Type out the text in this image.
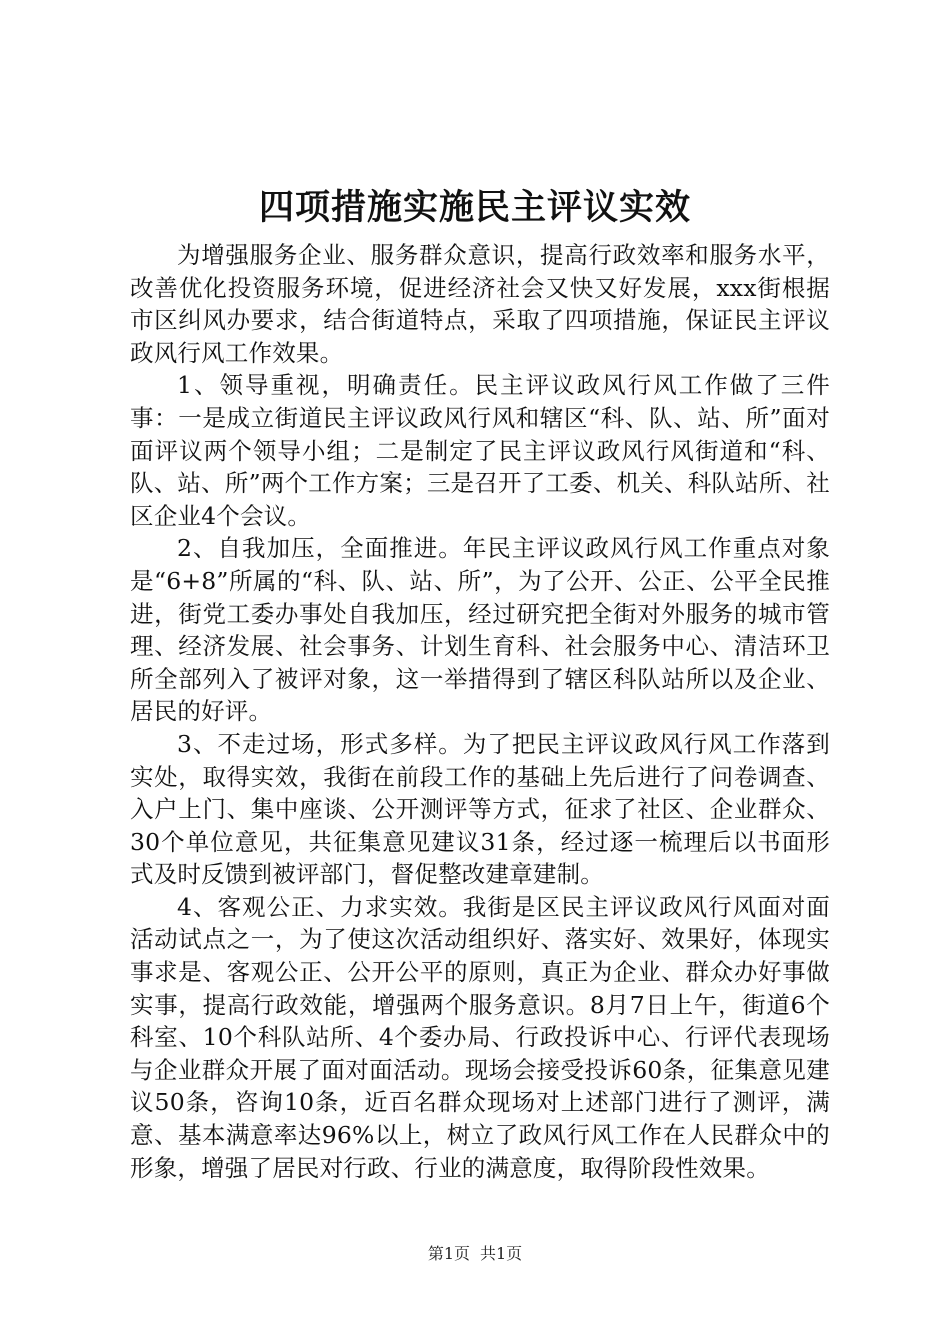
四项措施实施民主评议实效

为增强服务企业、服务群众意识，提高行政效率和服务水平，改善优化投资服务环境，促进经济社会又快又好发展，xxx街根据市区纠风办要求，结合街道特点，采取了四项措施，保证民主评议政风行风工作效果。

1、领导重视，明确责任。民主评议政风行风工作做了三件事：一是成立街道民主评议政风行风和辖区“科、队、站、所”面对面评议两个领导小组；二是制定了民主评议政风行风街道和“科、队、站、所”两个工作方案；三是召开了工委、机关、科队站所、社区企业4个会议。

2、自我加压，全面推进。年民主评议政风行风工作重点对象是“6+8”所属的“科、队、站、所”，为了公开、公正、公平全民推进，街党工委办事处自我加压，经过研究把全街对外服务的城市管理、经济发展、社会事务、计划生育科、社会服务中心、清洁环卫所全部列入了被评对象，这一举措得到了辖区科队站所以及企业、居民的好评。

3、不走过场，形式多样。为了把民主评议政风行风工作落到实处，取得实效，我街在前段工作的基础上先后进行了问卷调查、入户上门、集中座谈、公开测评等方式，征求了社区、企业群众、30个单位意见，共征集意见建议31条，经过逐一梳理后以书面形式及时反馈到被评部门，督促整改建章建制。

4、客观公正、力求实效。我街是区民主评议政风行风面对面活动试点之一，为了使这次活动组织好、落实好、效果好，体现实事求是、客观公正、公开公平的原则，真正为企业、群众办好事做实事，提高行政效能，增强两个服务意识。8月7日上午，街道6个科室、10个科队站所、4个委办局、行政投诉中心、行评代表现场与企业群众开展了面对面活动。现场会接受投诉60条，征集意见建议50条，咨询10条，近百名群众现场对上述部门进行了测评，满意、基本满意率达96%以上，树立了政风行风工作在人民群众中的形象，增强了居民对行政、行业的满意度，取得阶段性效果。

第1页 共1页
